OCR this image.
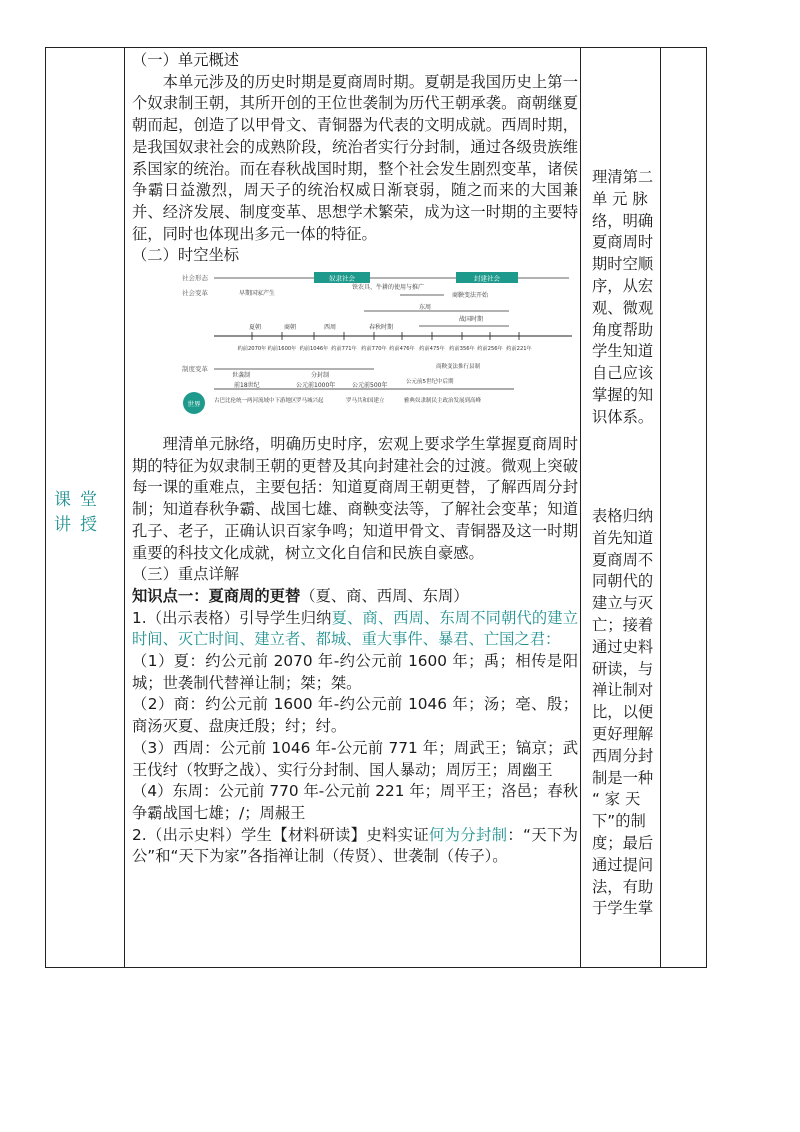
课堂讲授

（一）单元概述

本单元涉及的历史时期是夏商周时期。夏朝是我国历史上第一个奴隶制王朝，其所开创的王位世袭制为历代王朝承袭。商朝继夏朝而起，创造了以甲骨文、青铜器为代表的文明成就。西周时期，是我国奴隶社会的成熟阶段，统治者实行分封制，通过各级贵族维系国家的统治。而在春秋战国时期，整个社会发生剧烈变革，诸侯争霸日益激烈，周天子的统治权威日渐衰弱，随之而来的大国兼并、经济发展、制度变革、思想学术繁荣，成为这一时期的主要特征，同时也体现出多元一体的特征。

（二）时空坐标

社会形态	奴隶社会	封建社会
社会变革	早期国家产生
铁农具、牛耕的使用与推广
商鞅变法开始
东周
夏朝	商朝	西周	春秋时期
战国时期
约前2070年 约前1600年 约前1046年 约前771年 约前770年 约前476年 约前475年 约前356年 约前256年 约前221年
制度变革
世袭制	分封制
商鞅变法推行县制
前18世纪	公元前1000年	公元前500年	公元前5世纪中后期
世界 古巴比伦统一两河流域中下游地区 罗马城兴起	罗马共和国建立	雅典奴隶制民主政治发展到高峰

理清单元脉络，明确历史时序，宏观上要求学生掌握夏商周时期的特征为奴隶制王朝的更替及其向封建社会的过渡。微观上突破每一课的重难点，主要包括：知道夏商周王朝更替，了解西周分封制；知道春秋争霸、战国七雄、商鞅变法等，了解社会变革；知道孔子、老子，正确认识百家争鸣；知道甲骨文、青铜器及这一时期重要的科技文化成就，树立文化自信和民族自豪感。

（三）重点详解

知识点一：夏商周的更替（夏、商、西周、东周）

1.（出示表格）引导学生归纳夏、商、西周、东周不同朝代的建立时间、灭亡时间、建立者、都城、重大事件、暴君、亡国之君：

（1）夏：约公元前 2070 年-约公元前 1600 年；禹；相传是阳城；世袭制代替禅让制；桀；桀。

（2）商：约公元前 1600 年-约公元前 1046 年；汤；亳、殷；商汤灭夏、盘庚迁殷；纣；纣。

（3）西周：公元前 1046 年-公元前 771 年；周武王；镐京；武王伐纣（牧野之战）、实行分封制、国人暴动；周厉王；周幽王

（4）东周：公元前 770 年-公元前 221 年；周平王；洛邑；春秋争霸战国七雄；/；周赧王

2.（出示史料）学生【材料研读】史料实证何为分封制：“天下为公”和“天下为家”各指禅让制（传贤）、世袭制（传子）。

理清第二
单 元 脉
络，明确
夏商周时
期时空顺
序，从宏
观、微观
角度帮助
学生知道
自己应该
掌握的知
识体系。
表格归纳
首先知道
夏商周不
同朝代的
建立与灭
亡；接着
通过史料
研读，与
禅让制对
比，以便
更好理解
西周分封
制是一种
“ 家 天
下”的制
度；最后
通过提问
法，有助
于学生掌
